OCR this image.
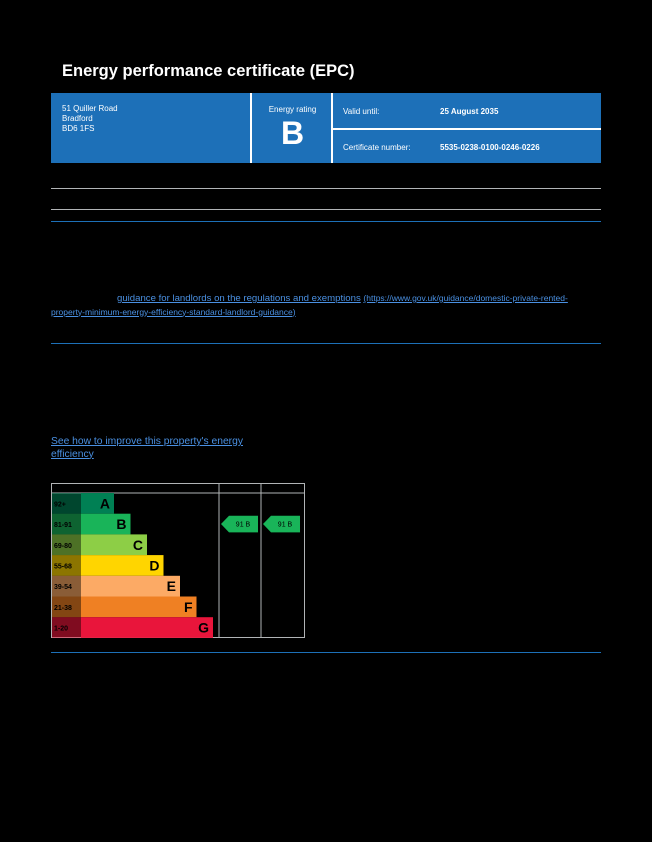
Energy performance certificate (EPC)
51 Quiller Road
Bradford
BD6 1FS
Energy rating
B
Valid until:	25 August 2035
Certificate number:	5535-0238-0100-0246-0226
guidance for landlords on the regulations and exemptions (https://www.gov.uk/guidance/domestic-private-rented-property-minimum-energy-efficiency-standard-landlord-guidance)
See how to improve this property's energy efficiency
92+ A
81-91	B
69-80	C
55-68	D
39-54	E
21-38	F
1-20	G
91 B	91 B
